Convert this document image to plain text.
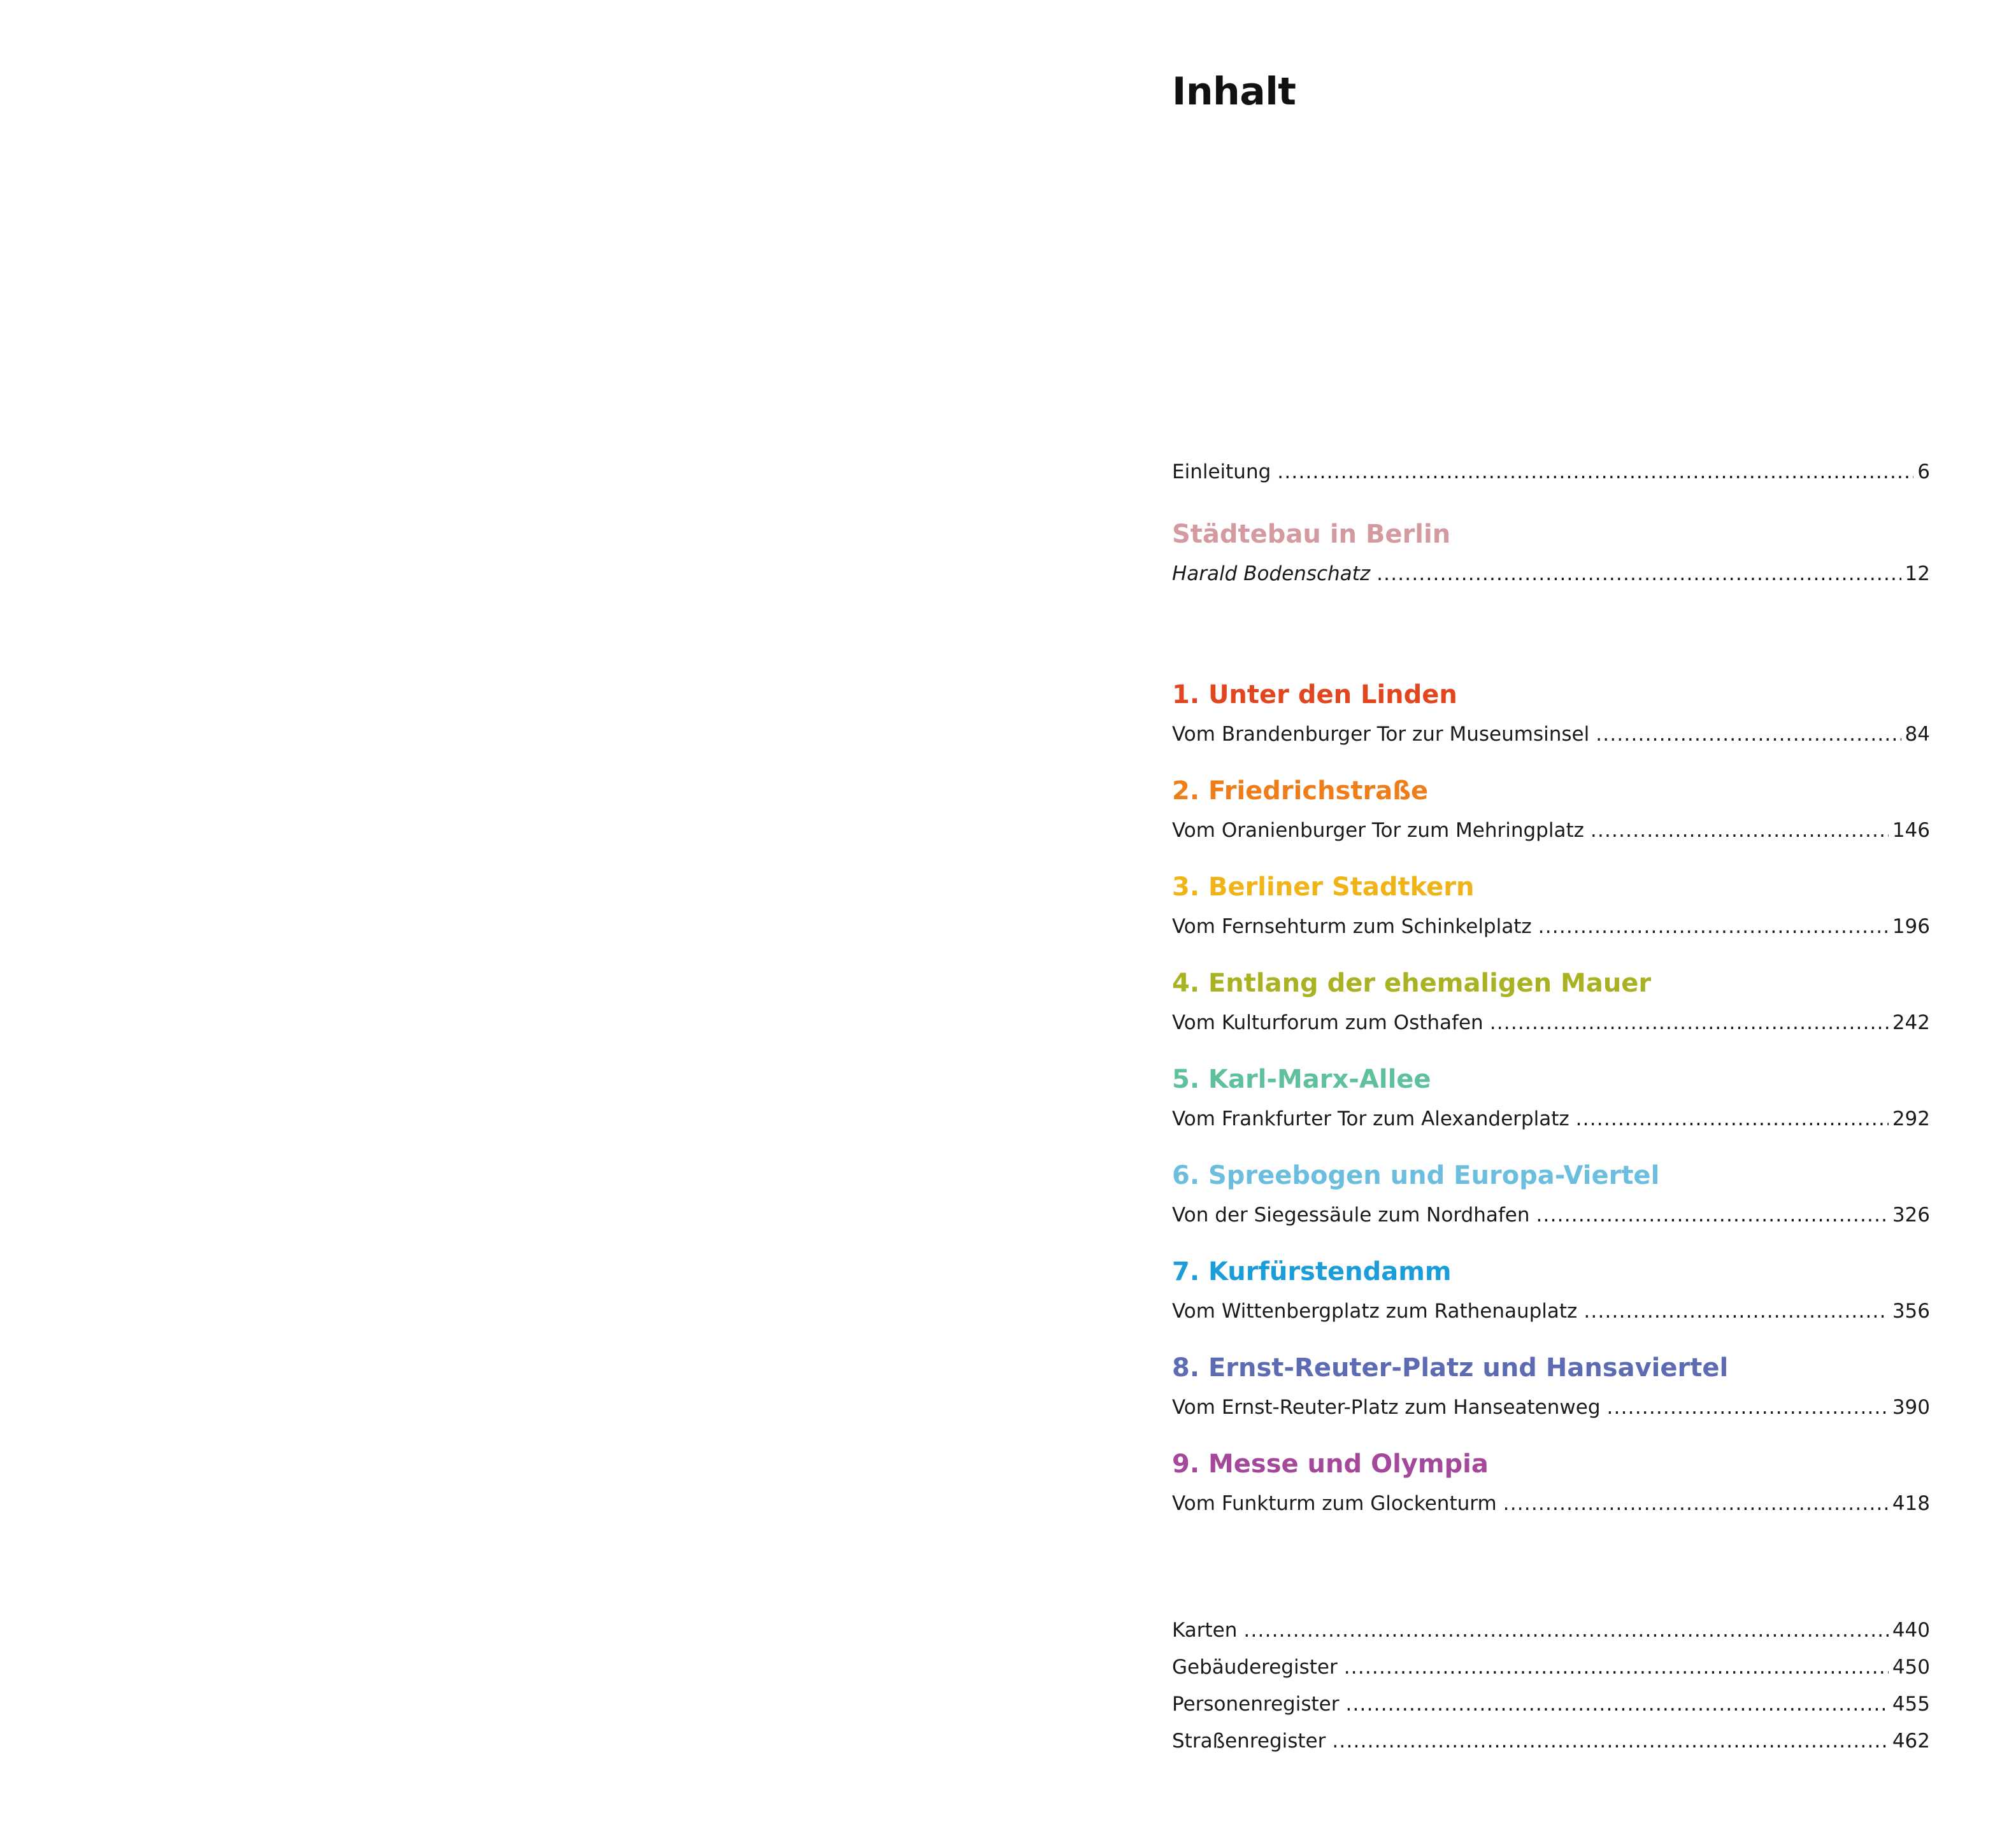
Inhalt
Einleitung .....	6
Städtebau in Berlin
Harald Bodenschatz .....	12
1. Unter den Linden
Vom Brandenburger Tor zur Museumsinsel .....	84
2. Friedrichstraße
Vom Oranienburger Tor zum Mehringplatz .....	146
3. Berliner Stadtkern
Vom Fernsehturm zum Schinkelplatz .....	196
4. Entlang der ehemaligen Mauer
Vom Kulturforum zum Osthafen .....	242
5. Karl-Marx-Allee
Vom Frankfurter Tor zum Alexanderplatz .....	292
6. Spreebogen und Europa-Viertel
Von der Siegessäule zum Nordhafen .....	326
7. Kurfürstendamm
Vom Wittenbergplatz zum Rathenauplatz .....	356
8. Ernst-Reuter-Platz und Hansaviertel
Vom Ernst-Reuter-Platz zum Hanseatenweg .....	390
9. Messe und Olympia
Vom Funkturm zum Glockenturm .....	418
Karten .....	440
Gebäuderegister .....	450
Personenregister .....	455
Straßenregister .....	462
